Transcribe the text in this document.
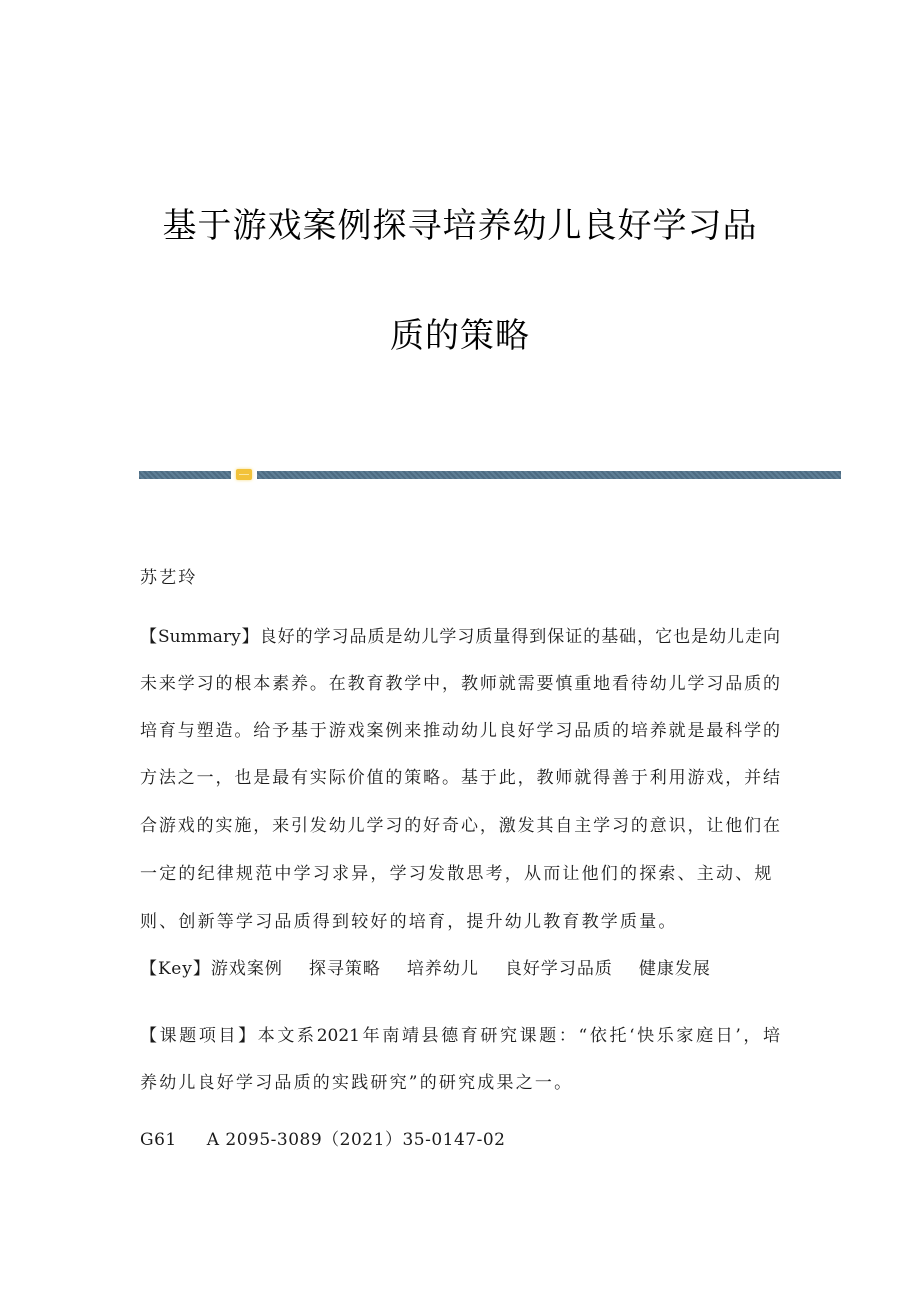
基于游戏案例探寻培养幼儿良好学习品
质的策略
苏艺玲
【Summary】良好的学习品质是幼儿学习质量得到保证的基础，它也是幼儿走向
未来学习的根本素养。在教育教学中，教师就需要慎重地看待幼儿学习品质的
培育与塑造。给予基于游戏案例来推动幼儿良好学习品质的培养就是最科学的
方法之一，也是最有实际价值的策略。基于此，教师就得善于利用游戏，并结
合游戏的实施，来引发幼儿学习的好奇心，激发其自主学习的意识，让他们在
一定的纪律规范中学习求异，学习发散思考，从而让他们的探索、主动、规
则、创新等学习品质得到较好的培育，提升幼儿教育教学质量。
【Key】游戏案例 探寻策略 培养幼儿 良好学习品质 健康发展
【课题项目】本文系2021年南靖县德育研究课题：“依托‘快乐家庭日’，培
养幼儿良好学习品质的实践研究”的研究成果之一。
G61 A 2095-3089（2021）35-0147-02
